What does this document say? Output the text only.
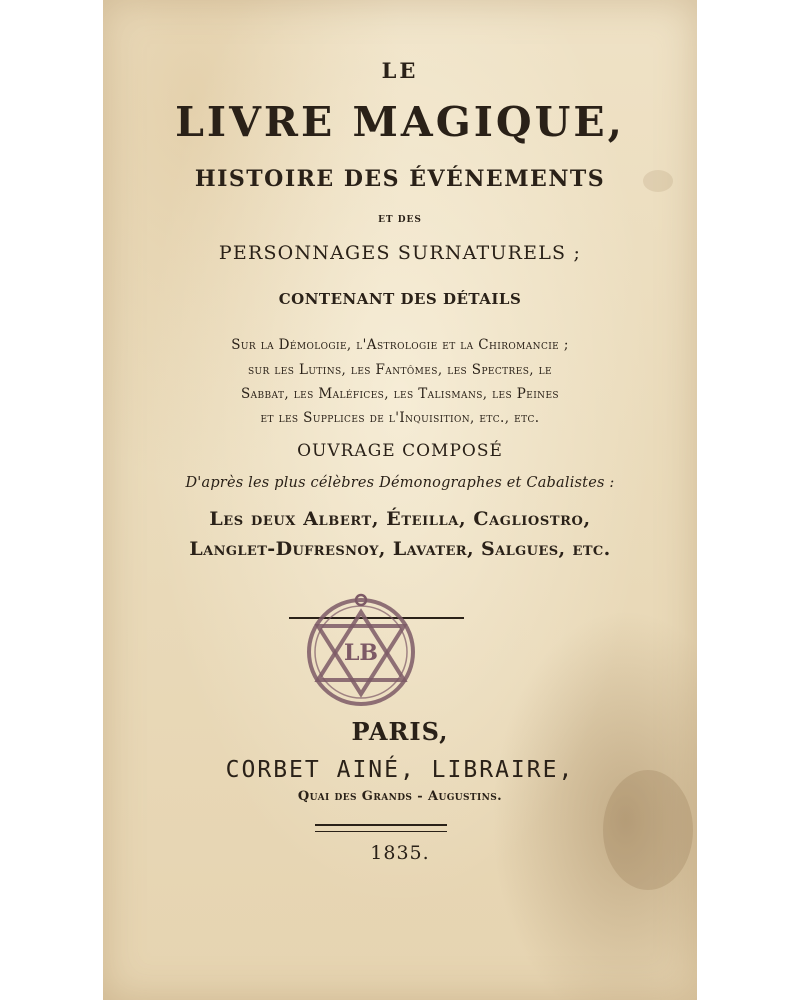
LE
LIVRE MAGIQUE,
HISTOIRE DES ÉVÉNEMENTS
ET DES
PERSONNAGES SURNATURELS ;
CONTENANT DES DÉTAILS
Sur la Démologie, l'Astrologie et la Chiromancie ;
sur les Lutins, les Fantômes, les Spectres, le
Sabbat, les Maléfices, les Talismans, les Peines
et les Supplices de l'Inquisition, etc., etc.
OUVRAGE COMPOSÉ
D'après les plus célèbres Démonographes et Cabalistes :
Les deux Albert, Éteilla, Cagliostro,
Langlet-Dufresnoy, Lavater, Salgues, etc.
LB
PARIS,
CORBET AINÉ, LIBRAIRE,
Quai des Grands - Augustins.
1835.
